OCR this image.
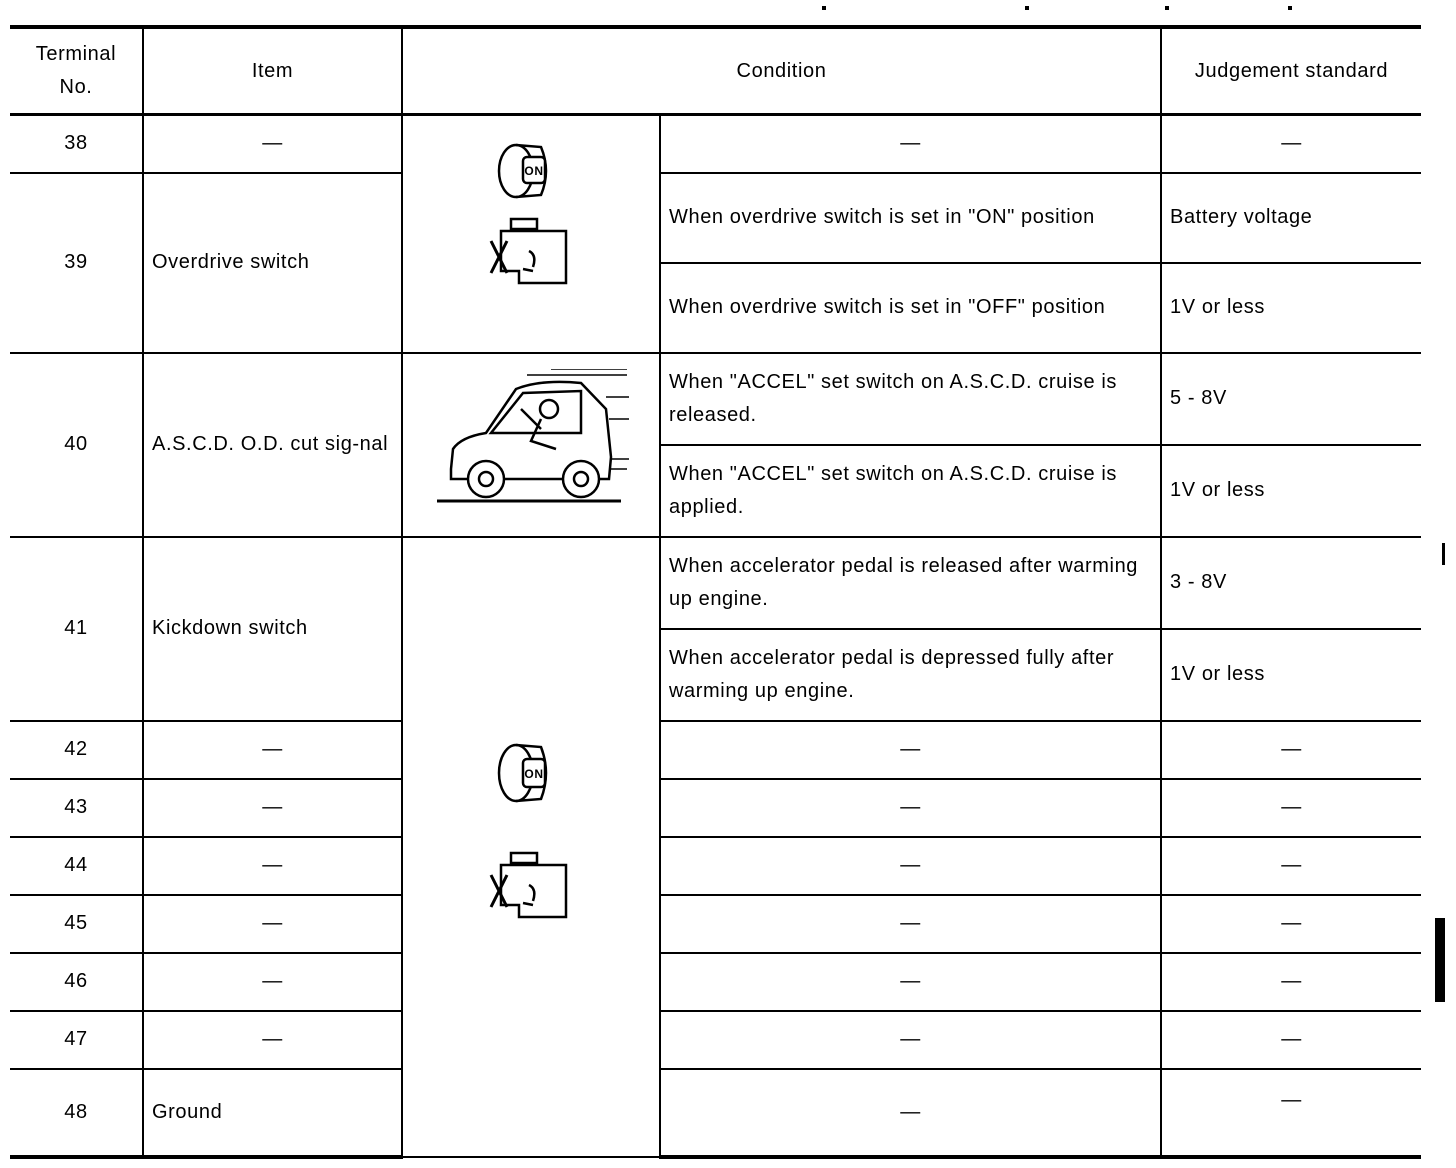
Terminal No.	Item	Condition		Judgement standard
38	—	ON	—	—
39	Overdrive switch		When overdrive switch is set in "ON" position	Battery voltage
			When overdrive switch is set in "OFF" position	1V or less
40	A.S.C.D. O.D. cut sig-nal		When "ACCEL" set switch on A.S.C.D. cruise is released.	5 - 8V
			When "ACCEL" set switch on A.S.C.D. cruise is applied.	1V or less
41	Kickdown switch	ON	When accelerator pedal is released after warming up engine.	3 - 8V
			When accelerator pedal is depressed fully after warming up engine.	1V or less
42	—		—	—
43	—		—	—
44	—		—	—
45	—		—	—
46	—		—	—
47	—		—	—
48	Ground		—	—
